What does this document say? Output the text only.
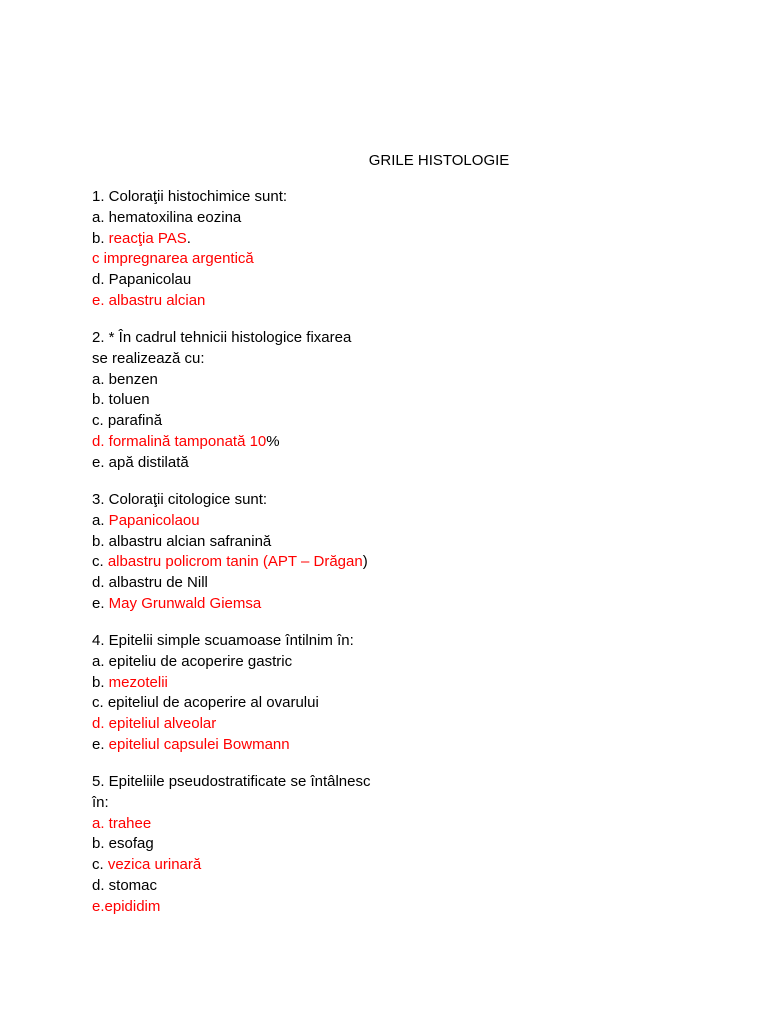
GRILE HISTOLOGIE
1. Coloraţii histochimice sunt:
a. hematoxilina eozina
b. reacţia PAS.
c impregnarea argentică
d. Papanicolau
e. albastru alcian
2. * În cadrul tehnicii histologice fixarea
se realizează cu:
a. benzen
b. toluen
c. parafină
d. formalină tamponată 10%
e. apă distilată
3. Coloraţii citologice sunt:
a. Papanicolaou
b. albastru alcian safranină
c. albastru policrom tanin (APT – Drăgan)
d. albastru de Nill
e. May Grunwald Giemsa
4. Epitelii simple scuamoase întilnim în:
a. epiteliu de acoperire gastric
b. mezotelii
c. epiteliul de acoperire al ovarului
d. epiteliul alveolar
e. epiteliul capsulei Bowmann
5. Epiteliile pseudostratificate se întâlnesc
în:
a. trahee
b. esofag
c. vezica urinară
d. stomac
e.epididim
